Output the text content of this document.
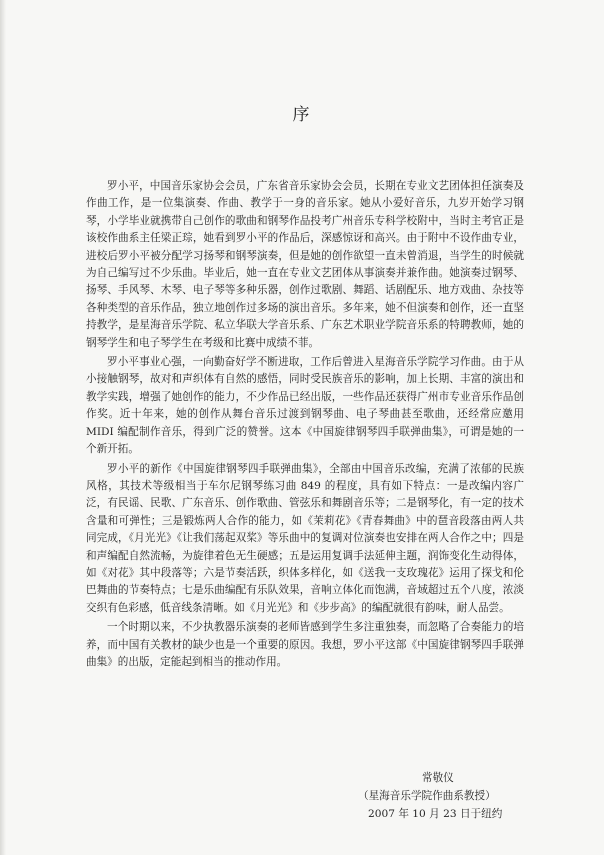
序

罗小平，中国音乐家协会会员，广东省音乐家协会会员，长期在专业文艺团体担任演奏及作曲工作，是一位集演奏、作曲、教学于一身的音乐家。她从小爱好音乐，九岁开始学习钢琴，小学毕业就携带自己创作的歌曲和钢琴作品投考广州音乐专科学校附中，当时主考官正是该校作曲系主任梁正琮，她看到罗小平的作品后，深感惊讶和高兴。由于附中不设作曲专业，进校后罗小平被分配学习扬琴和钢琴演奏，但是她的创作欲望一直未曾消退，当学生的时候就为自己编写过不少乐曲。毕业后，她一直在专业文艺团体从事演奏并兼作曲。她演奏过钢琴、扬琴、手风琴、木琴、电子琴等多种乐器，创作过歌剧、舞蹈、话剧配乐、地方戏曲、杂技等各种类型的音乐作品，独立地创作过多场的演出音乐。多年来，她不但演奏和创作，还一直坚持教学，是星海音乐学院、私立华联大学音乐系、广东艺术职业学院音乐系的特聘教师，她的钢琴学生和电子琴学生在考级和比赛中成绩不菲。

罗小平事业心强，一向勤奋好学不断进取，工作后曾进入星海音乐学院学习作曲。由于从小接触钢琴，故对和声织体有自然的感悟，同时受民族音乐的影响，加上长期、丰富的演出和教学实践，增强了她创作的能力，不少作品已经出版，一些作品还获得广州市专业音乐作品创作奖。近十年来，她的创作从舞台音乐过渡到钢琴曲、电子琴曲甚至歌曲，还经常应邀用 MIDI 编配制作音乐，得到广泛的赞誉。这本《中国旋律钢琴四手联弹曲集》，可谓是她的一个新开拓。

罗小平的新作《中国旋律钢琴四手联弹曲集》，全部由中国音乐改编，充满了浓郁的民族风格，其技术等级相当于车尔尼钢琴练习曲 849 的程度，具有如下特点：一是改编内容广泛，有民谣、民歌、广东音乐、创作歌曲、管弦乐和舞剧音乐等；二是钢琴化，有一定的技术含量和可弹性；三是锻炼两人合作的能力，如《茉莉花》《青春舞曲》中的琶音段落由两人共同完成，《月光光》《让我们荡起双桨》等乐曲中的复调对位演奏也安排在两人合作之中；四是和声编配自然流畅，为旋律着色无生硬感；五是运用复调手法延伸主题，润饰变化生动得体，如《对花》其中段落等；六是节奏活跃，织体多样化，如《送我一支玫瑰花》运用了探戈和伦巴舞曲的节奏特点；七是乐曲编配有乐队效果，音响立体化而饱满，音域超过五个八度，浓淡交织有色彩感，低音线条清晰。如《月光光》和《步步高》的编配就很有韵味，耐人品尝。

一个时期以来，不少执教器乐演奏的老师皆感到学生多注重独奏，而忽略了合奏能力的培养，而中国有关教材的缺少也是一个重要的原因。我想，罗小平这部《中国旋律钢琴四手联弹曲集》的出版，定能起到相当的推动作用。

常敬仪
（星海音乐学院作曲系教授）
2007 年 10 月 23 日于纽约
